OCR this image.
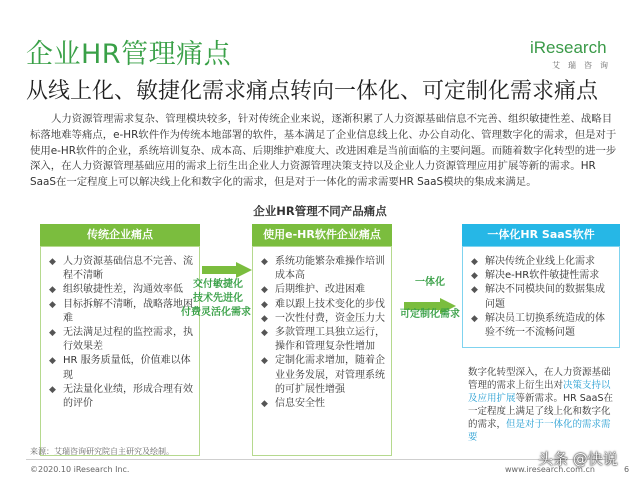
企业HR管理痛点
从线上化、敏捷化需求痛点转向一体化、可定制化需求痛点
iResearch
艾瑞咨询
人力资源管理需求复杂、管理模块较多，针对传统企业来说，逐渐积累了人力资源基础信息不完善、组织敏捷性差、战略目标落地难等痛点，e-HR软件作为传统本地部署的软件，基本满足了企业信息线上化、办公自动化、管理数字化的需求，但是对于使用e-HR软件的企业，系统培训复杂、成本高、后期维护难度大、改进困难是当前面临的主要问题。而随着数字化转型的进一步深入，在人力资源管理基础应用的需求上衍生出企业人力资源管理决策支持以及企业人力资源管理应用扩展等新的需求。HR SaaS在一定程度上可以解决线上化和数字化的需求，但是对于一体化的需求需要HR SaaS模块的集成来满足。
企业HR管理不同产品痛点
传统企业痛点
◆ 人力资源基础信息不完善、流程不清晰
◆ 组织敏捷性差，沟通效率低
◆ 目标拆解不清晰，战略落地困难
◆ 无法满足过程的监控需求，执行效果差
◆ HR 服务质量低，价值难以体现
◆ 无法量化业绩，形成合理有效的评价
交付敏捷化
技术先进化
付费灵活化需求
使用e-HR软件企业痛点
◆ 系统功能繁杂难操作培训成本高
◆ 后期维护、改进困难
◆ 难以跟上技术变化的步伐
◆ 一次性付费，资金压力大
◆ 多款管理工具独立运行，操作和管理复杂性增加
◆ 定制化需求增加，随着企业业务发展，对管理系统的可扩展性增强
◆ 信息安全性
一体化
可定制化需求
一体化HR SaaS软件
◆ 解决传统企业线上化需求
◆ 解决e-HR软件敏捷性需求
◆ 解决不同模块间的数据集成问题
◆ 解决员工切换系统造成的体验不统一不流畅问题
数字化转型深入，在人力资源基础管理的需求上衍生出对决策支持以及应用扩展等新需求。HR SaaS在一定程度上满足了线上化和数字化的需求，但是对于一体化的需求需要
来源：艾瑞咨询研究院自主研究及绘制。
©2020.10 iResearch Inc.	www.iresearch.com.cn	6
头条 @快说
